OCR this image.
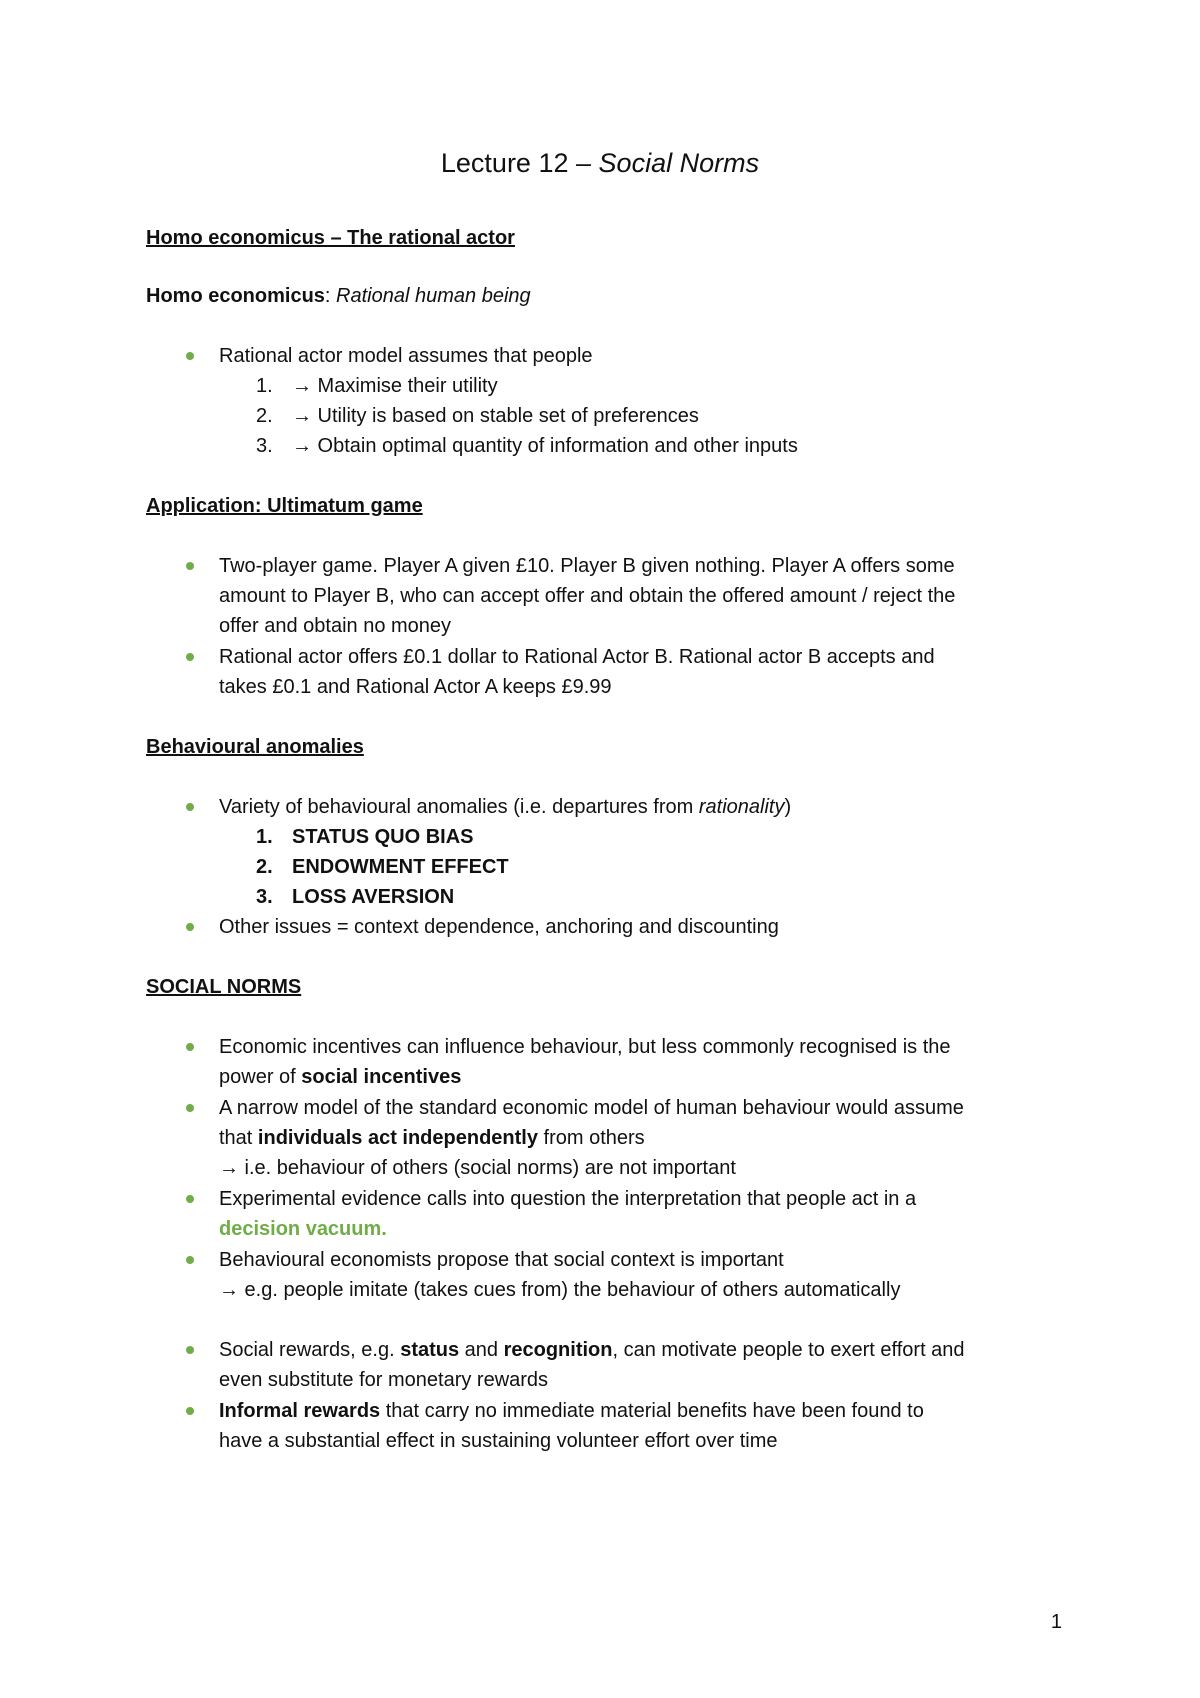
Lecture 12 – Social Norms
Homo economicus – The rational actor
Homo economicus: Rational human being
Rational actor model assumes that people
1. → Maximise their utility
2. → Utility is based on stable set of preferences
3. → Obtain optimal quantity of information and other inputs
Application: Ultimatum game
Two-player game. Player A given £10. Player B given nothing. Player A offers some
amount to Player B, who can accept offer and obtain the offered amount / reject the
offer and obtain no money
Rational actor offers £0.1 dollar to Rational Actor B. Rational actor B accepts and
takes £0.1 and Rational Actor A keeps £9.99
Behavioural anomalies
Variety of behavioural anomalies (i.e. departures from rationality)
1. STATUS QUO BIAS
2. ENDOWMENT EFFECT
3. LOSS AVERSION
Other issues = context dependence, anchoring and discounting
SOCIAL NORMS
Economic incentives can influence behaviour, but less commonly recognised is the
power of social incentives
A narrow model of the standard economic model of human behaviour would assume
that individuals act independently from others
→ i.e. behaviour of others (social norms) are not important
Experimental evidence calls into question the interpretation that people act in a
decision vacuum.
Behavioural economists propose that social context is important
→ e.g. people imitate (takes cues from) the behaviour of others automatically
Social rewards, e.g. status and recognition, can motivate people to exert effort and
even substitute for monetary rewards
Informal rewards that carry no immediate material benefits have been found to
have a substantial effect in sustaining volunteer effort over time
1
